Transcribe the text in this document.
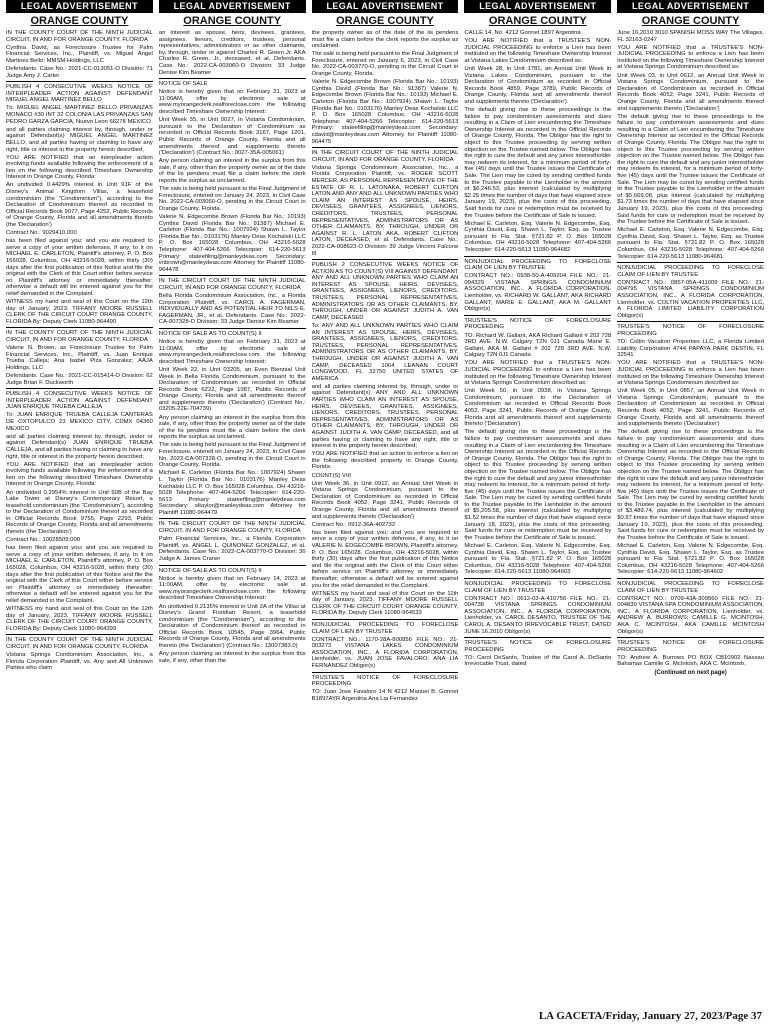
LEGAL ADVERTISEMENT
ORANGE COUNTY

IN THE COUNTY COURT OF THE NINTH JUDICIAL CIRCUIT, IN AND FOR ORANGE COUNTY, FLORIDA

Cynthia David, as Foreclosure Trustee for Palm Financial Services, Inc., Plaintiff, vs. Miguel Angel Martinez Bello; MMSM Holdings, LLC

Defendants. Case No.: 2021-CC-013051-O Division: 71 Judge Amy J. Carter

PUBLISH 4 CONSECUTIVE WEEKS NOTICE OF INTERPLEADER ACTION AGAINST DEFENDANT MIGUEL ANGEL MARTINEZ BELLO

To: MIGUEL ANGEL MARTINEZ BELLO PRIVANZAS MONACO #30 INT 32 COLONIA LAS PRIVANZAS SAN PEDRO GARZA GARCIA, Nuevo Leon 66278 MEXICO

and all parties claiming interest by, through, under or against Defendant(s) MIGUEL ANGEL MARTINEZ BELLO, and all parties having or claiming to have any right, title or interest in the property herein described;

YOU ARE NOTIFIED that an interpleader action involving funds available following the enforcement of a lien on the following described Timeshare Ownership Interest in Orange County, Florida:

An undivided 0.4429% interest in Unit 91F of the Disney's Animal Kingdom Villas, a leasehold condominium (the "Condominium"), according to the Declaration of Condominium thereof as recorded in Official Records Book 9077, Page 4252, Public Records of Orange County, Florida and all amendments thereto (the 'Declaration')

Contract No.: 9029410.000

has been filed against you; and you are required to serve a copy of your written defenses, if any, to it on MICHAEL E. CARLETON, Plaintiff's attorney, P. O. Box 165028, Columbus, OH 43216-5028, within thirty (30) days after the first publication of this Notice and file the original with the Clerk of this Court either before service on Plaintiff's attorney or immediately thereafter; otherwise a default will be entered against you for the relief demanded in the Complaint.

WITNESS my hand and seal of this Court on the 12th day of January, 2023. TIFFANY MOORE RUSSELL CLERK OF THE CIRCUIT COURT ORANGE COUNTY, FLORIDA By: Deputy Clerk 11080-964490

IN THE COUNTY COURT OF THE NINTH JUDICIAL CIRCUIT, IN AND FOR ORANGE COUNTY, FLORIDA

Valerie N. Brown, as Foreclosure Trustee for Palm Financial Services, Inc., Plaintiff, vs. Juan Enrique Trueba Calleja; Ana Isabel Plza Gonzalez; AAJA Holdings, LLC

Defendants. Case No.: 2021-CC-015414-O Division: 62 Judge Brian F. Duckworth

PUBLISH 4 CONSECUTIVE WEEKS NOTICE OF INTERPLEADER ACTION AGAINST DEFENDANT JUAN ENRIQUE TRUEBA CALLEJA

To: JUAN ENRIQUE TRUEBA CALLEJA CANTERAS DE OXTOPULCO 23 MEXICO CITY, CDMX 04360 MEXICO

and all parties claiming interest by, through, under or against Defendant(s) JUAN ENRIQUE TRUEBA CALLEJA, and all parties having or claiming to have any right, title or interest in the property herein described;

YOU ARE NOTIFIED that an interpleader action involving funds available following the enforcement of a lien on the following described Timeshare Ownership Interest in Orange County, Florida:

An undivided 0.2954% interest in Unit 60B of the Bay Lake Tower at Disney's Contemporary Resort, a leasehold condominium (the "Condominium"), according to the Declaration of Condominium thereof as recorded in Official Records Book 9755, Page 2293, Public Records of Orange County, Florida and all amendments thereto (the 'Declaration')

Contract No.: 10028509.000

has been filed against you; and you are required to serve a copy of your written defenses, if any, to it on MICHAEL E. CARLETON, Plaintiff's attorney, P. O. Box 165028, Columbus, OH 43216-5028, within thirty (30) days after the first publication of this Notice and file the original with the Clerk of this Court either before service on Plaintiff's attorney or immediately thereafter; otherwise a default will be entered against you for the relief demanded in the Complaint.

WITNESS my hand and seal of this Court on the 12th day of January, 2023. TIFFANY MOORE RUSSELL CLERK OF THE CIRCUIT COURT ORANGE COUNTY, FLORIDA By: Deputy Clerk 11080-964399

IN THE COUNTY COURT OF THE NINTH JUDICIAL CIRCUIT, IN AND FOR ORANGE COUNTY, FLORIDA

Vistana Springs Condominium Association, Inc., a Florida Corporation Plaintiff, vs. Any and All Unknown Parties who claim

LEGAL ADVERTISEMENT
ORANGE COUNTY

an interest as spouse, heirs, devisees, grantees, assignees, lienors, creditors, trustees, personal representatives, administrators or as other claimants, by, through, under or against Charles R. Green Jr. AKA Charles R. Green, Jr., deceased, et al. Defendants. Case No.: 2022-CA-003060-O Division: 33 Judge Denise Kim Beamer

NOTICE OF SALE

Notice is hereby given that on February 21, 2023 at 11:00AM, offer by electronic sale at www.myorangeclerk.realforeclose.com the following described Timeshare Ownership Interest:

Unit Week 35, in Unit 0027, in Vistana Condominium, pursuant to the Declaration of Condominium as recorded in Official Records Book 3167, Page 1201, Public Records of Orange County, Florida and all amendments thereof and supplements thereto ('Declaration') (Contract No.: 0027-35A-005061)

Any person claiming an interest in the surplus from this sale, if any, other than the property owner as of the date of the lis pendens must file a claim before the clerk reports the surplus as unclaimed.

The sale is being held pursuant to the Final Judgment of Foreclosure, entered on January 24, 2023, in Civil Case No. 2022-CA-003060-O, pending in the Circuit Court in Orange County, Florida.

Valerie N. Edgecombe Brown (Florida Bar No.: 10193) Cynthia David (Florida Bar No.: 91387) Michael E. Carleton (Florida Bar No.: 1007924) Shawn L. Taylor (Florida Bar No.: 0103176) Manley Deas Kochalski LLC P. O. Box 165028 Columbus, OH 43216-5028 Telephone: 407-404-5266 Telecopier: 614-220-5613 Primary: stateefiling@manleydeas.com Secondary: vnbrown@manleydeas.com Attorney for Plaintiff 11080-964478

IN THE CIRCUIT COURT OF THE NINTH JUDICIAL CIRCUIT, IN AND FOR ORANGE COUNTY, FLORIDA

Bella Florida Condominium Association, Inc., a Florida Corporation Plaintiff, vs. CAROL A. FAGERMAN, INDIVIDUALLY AND AS POTENTIAL HEIR TO NILS E. FAGERMAN, JR., et al. Defendants. Case No.: 2022-CA-007328-O Division: 33 Judge Denise Kim Beamer

NOTICE OF SALE AS TO COUNT(S) II

Notice is hereby given that on February 21, 2023 at 11:00AM, offer by electronic sale at www.myorangeclerk.realforeclose.com the following described Timeshare Ownership Interest:

Unit Week 22, in Unit 03205, an Even Biennial Unit Week in Bella Florida Condominium, pursuant to the Declaration of Condominium as recorded in Official Records Book 6222, Page 1987, Public Records of Orange County, Florida and all amendments thereof and supplements thereto ('Declaration') (Contract No.: 03205-22E-704739)

Any person claiming an interest in the surplus from this sale, if any, other than the property owner as of the date of the lis pendens must file a claim before the clerk reports the surplus as unclaimed.

The sale is being held pursuant to the Final Judgment of Foreclosure, entered on January 24, 2023, in Civil Case No. 2022-CA-007328-O, pending in the Circuit Court in Orange County, Florida.

Michael E. Carleton (Florida Bar No.: 1007924) Shawn L. Taylor (Florida Bar No.: 0103176) Manley Deas Kochalski LLC P. O. Box 165028 Columbus, OH 43216-5028 Telephone: 407-404-5266 Telecopier: 614-220-5613 Primary: stateefiling@manleydeas.com Secondary: sltaylor@manleydeas.com Attorney for Plaintiff 11080-964479

IN THE CIRCUIT COURT OF THE NINTH JUDICIAL CIRCUIT, IN AND FOR ORANGE COUNTY, FLORIDA

Palm Financial Services, Inc., a Florida Corporation Plaintiff, vs. ANGEL L. QUINONEZ GONZALEZ, et al. Defendants. Case No.: 2022-CA-003770-O Division: 36 Judge A. James Craner

NOTICE OF SALE AS TO COUNT(S) II

Notice is hereby given that on February 14, 2023 at 11:00AM, offer by electronic sale at www.myorangeclerk.realforeclose.com the following described Timeshare Ownership Interest:

An undivided 0.2135% interest in Unit 2A of the Villas at Disney's Grand Floridian Resort, a leasehold condominium (the "Condominium"), according to the Declaration of Condominium thereof as recorded in Official Records Book 10545, Page 3964, Public Records of Orange County, Florida and all amendments thereto (the 'Declaration') (Contract No.: 13007383.0)

Any person claiming an interest in the surplus from this sale, if any, other than the

LEGAL ADVERTISEMENT
ORANGE COUNTY

the property owner as of the date of the lis pendens must file a claim before the clerk reports the surplus as unclaimed.

The sale is being held pursuant to the Final Judgment of Foreclosure, entered on January 6, 2023, in Civil Case No. 2022-CA-003770-O, pending in the Circuit Court in Orange County, Florida.

Valerie N. Edgecombe Brown (Florida Bar No.: 10193) Cynthia David (Florida Bar No.: 91387) Valerie N. Edgecombe Brown (Florida Bar No.: 10193) Michael E. Carleton (Florida Bar No.: 1007924) Shawn L. Taylor (Florida Bar No.: 0103176) Manley Deas Kochalski LLC P. O. Box 165028 Columbus, OH 43216-5028 Telephone: 407-404-5266 Telecopier: 614-220-5613 Primary: stateefiling@manleydeas.com Secondary: cdavid@manleydeas.com Attorney for Plaintiff 11080-964475

IN THE CIRCUIT COURT OF THE NINTH JUDICIAL CIRCUIT, IN AND FOR ORANGE COUNTY, FLORIDA

Vistana Springs Condominium Association, Inc., a Florida Corporation Plaintiff, vs. ROGER SCOTT MERCER, AS PERSONAL REPRESENTATIVE OF THE ESTATE OF R. L. LATONAKA, ROBERT CLIFTON LATON AND ANY AND ALL UNKNOWN PARTIES WHO CLAIM AN INTEREST AS SPOUSE, HEIRS, DEVISEES, GRANTEES, ASSIGNEES, LIENORS, CREDITORS, TRUSTEES, PERSONAL REPRESENTATIVES, ADMINISTRATORS OR AS OTHER CLAIMANTS, BY, THROUGH, UNDER OR AGAINST R. L. LATON AKA, ROBERT CLIFTON LATON, DECEASED, et al. Defendants. Case No.: 2022-CA-008623-O Division: 39 Judge Vincent Falcone III

PUBLISH 2 CONSECUTIVE WEEKS NOTICE OF ACTION AS TO COUNT(S) VIII AGAINST DEFENDANT ANY AND ALL UNKNOWN PARTIES WHO CLAIM AN INTEREST AS SPOUSE, HEIRS, DEVISEES, GRANTEES, ASSIGNEES, LIENORS, CREDITORS, TRUSTEES, PERSONAL REPRESENTATIVES, ADMINISTRATORS OR AS OTHER CLAIMANTS, BY, THROUGH, UNDER OR AGAINST JUDITH A. VAN CAMP, DECEASED

To: ANY AND ALL UNKNOWN PARTIES WHO CLAIM AN INTEREST AS SPOUSE, HEIRS, DEVISEES, GRANTEES, ASSIGNEES, LIENORS, CREDITORS, TRUSTEES, PERSONAL REPRESENTATIVES, ADMINISTRATORS OR AS OTHER CLAIMANTS, BY, THROUGH, UNDER OR AGAINST JUDITH A. VAN CAMP, DECEASED 1064 LEANAN COURT LONGWOOD, FL 32750 UNITED STATES OF AMERICA

and all parties claiming interest by, through, under or against Defendant(s) ANY AND ALL UNKNOWN PARTIES WHO CLAIM AN INTEREST AS SPOUSE, HEIRS, DEVISEES, GRANTEES, ASSIGNEES, LIENORS, CREDITORS, TRUSTEES, PERSONAL REPRESENTATIVES, ADMINISTRATORS OR AS OTHER CLAIMANTS, BY, THROUGH, UNDER OR AGAINST JUDITH A. VAN CAMP, DECEASED, and all parties having or claiming to have any right, title or interest in the property herein described;

YOU ARE NOTIFIED that an action to enforce a lien on the following described property in Orange County, Florida:

COUNT(S) VIII

Unit Week 36, in Unit 0912, an Annual Unit Week in Vistana Springs Condominium, pursuant to the Declaration of Condominium as recorded in Official Records Book 4052, Page 3241, Public Records of Orange County, Florida and all amendments thereof and supplements thereto ('Declaration')

Contract No.: 0912-36A-402732

has been filed against you; and you are required to serve a copy of your written defenses, if any, to it on VALERIE N. EDGECOMBE BROWN, Plaintiff's attorney, P. O. Box 165028, Columbus, OH 43216-5028, within thirty (30) days after the first publication of this Notice and file the original with the Clerk of this Court either before service on Plaintiff's attorney or immediately thereafter; otherwise a default will be entered against you for the relief demanded in the Complaint.

WITNESS my hand and seal of this Court on the 11th day of January, 2023. TIFFANY MOORE RUSSELL CLERK OF THE CIRCUIT COURT ORANGE COUNTY, FLORIDA By: Deputy Clerk 11080-964533

NONJUDICIAL PROCEEDING TO FORECLOSE CLAIM OF LIEN BY TRUSTEE

CONTRACT NO.: 1170-28A-800856 FILE NO.: 21-003273 VISTANA LAKES CONDOMINIUM ASSOCIATION, INC., A FLORIDA CORPORATION, Lienholder, vs. JUAN JOSE FAVALORO; ANA LIA FERNANDEZ Obligor(s)

TRUSTEE'S NOTICE OF FORECLOSURE PROCEEDING

TO: Juan Jose Favaloro 14 N 4212 Manuel B. Gonnet B1897AYR Argentina Ana Lia Fernandez

LEGAL ADVERTISEMENT
ORANGE COUNTY

CALLE 14, No. 4212 Gonnet 1897 Argentina

YOU ARE NOTIFIED that a TRUSTEE'S NON-JUDICIAL PROCEEDING to enforce a Lien has been instituted on the following Timeshare Ownership Interest at Vistana Lakes Condominium described as:

Unit Week 28, in Unit 1781, an Annual Unit Week in Vistana Lakes Condominium, pursuant to the Declaration of Condominium as recorded in Official Records Book 4859, Page 3789, Public Records of Orange County, Florida and all amendments thereof and supplements thereto ('Declaration')

The default giving rise to these proceedings is the failure to pay condominium assessments and dues resulting in a Claim of Lien encumbering the Timeshare Ownership Interest as recorded in the Official Records of Orange County, Florida. The Obligor has the right to object to this Trustee proceeding by serving written objection on the Trustee named below. The Obligor has the right to cure the default and any junior interestholder may redeem its interest, for a minimum period of forty-five (45) days until the Trustee issues the Certificate of Sale. The Lien may be cured by sending certified funds to the Trustee payable to the Lienholder in the amount of $6,246.53, plus interest (calculated by multiplying $2.25 times the number of days that have elapsed since January 19, 2023), plus the costs of this proceeding. Said funds for cure or redemption must be received by the Trustee before the Certificate of Sale is issued.

Michael E. Carleton, Esq. Valerie N. Edgecombe, Esq. Cynthia David, Esq. Shawn L. Taylor, Esq. as Trustee pursuant to Fla. Stat. §721.82 P. O. Box 165028 Columbus, OH 43216-5028 Telephone: 407-404-5266 Telecopier: 614-220-5613 11080-964682

NONJUDICIAL PROCEEDING TO FORECLOSE CLAIM OF LIEN BY TRUSTEE

CONTRACT NO.: 0938-50-A-409204 FILE NO.: 21-004329 VISTANA SPRINGS CONDOMINIUM ASSOCIATION, INC., A FLORIDA CORPORATION, Lienholder, vs. RICHARD W. GALLANT, AKA RICHARD GALLANT; MARIE E. GALLANT, AKA M. GALLANT Obligor(s)

TRUSTEE'S NOTICE OF FORECLOSURE PROCEEDING

TO: Richard W. Gallant, AKA Richard Gallant # 202 728 3RD AVE. N.W. Calgary T2N 0J1 Canada Marie E. Gallant, AKA M. Gallant # 202 728 3RD AVE. N.W. Calgary T2N 0J1 Canada

YOU ARE NOTIFIED that a TRUSTEE'S NON-JUDICIAL PROCEEDING to enforce a Lien has been instituted on the following Timeshare Ownership Interest at Vistana Springs Condominium described as:

Unit Week 50, in Unit 0938, in Vistana Springs Condominium, pursuant to the Declaration of Condominium as recorded in Official Records Book 4052, Page 3241, Public Records of Orange County, Florida and all amendments thereof and supplements thereto ('Declaration')

The default giving rise to these proceedings is the failure to pay condominium assessments and dues resulting in a Claim of Lien encumbering the Timeshare Ownership Interest as recorded in the Official Records of Orange County, Florida. The Obligor has the right to object to this Trustee proceeding by serving written objection on the Trustee named below. The Obligor has the right to cure the default and any junior interestholder may redeem its interest, for a minimum period of forty-five (45) days until the Trustee issues the Certificate of Sale. The Lien may be cured by sending certified funds to the Trustee payable to the Lienholder in the amount of $5,205.58, plus interest (calculated by multiplying $1.52 times the number of days that have elapsed since January 18, 2023), plus the costs of this proceeding. Said funds for cure or redemption must be received by the Trustee before the Certificate of Sale is issued.

Michael E. Carleton, Esq. Valerie N. Edgecombe, Esq. Cynthia David, Esq. Shawn L. Taylor, Esq. as Trustee pursuant to Fla. Stat. §721.82 P. O. Box 165028 Columbus, OH 43216-5028 Telephone: 407-404-5266 Telecopier: 614-220-5613 11080-964603

NONJUDICIAL PROCEEDING TO FORECLOSE CLAIM OF LIEN BY TRUSTEE

CONTRACT NO.: 0612-03-A-410756 FILE NO.: 21-004738 VISTANA SPRINGS CONDOMINIUM ASSOCIATION, INC., A FLORIDA CORPORATION, Lienholder, vs. CAROL DESANTO, TRUSTEE OF THE CAROL A. DESANTO IRREVOCABLE TRUST, DATED JUNE 16,2010 Obligor(s)

TRUSTEE'S NOTICE OF FORECLOSURE PROCEEDING

TO: Carol DeSanto, Trustee of the Carol A. DeSanto Irrevocable Trust, dated

LEGAL ADVERTISEMENT
ORANGE COUNTY

June 16,2010 3010 SPANISH MOSS WAY The Villages, FL 32163-0247

YOU ARE NOTIFIED that a TRUSTEE'S NON-JUDICIAL PROCEEDING to enforce a Lien has been instituted on the following Timeshare Ownership Interest at Vistana Springs Condominium described as:

Unit Week 03, in Unit 0612, an Annual Unit Week in Vistana Springs Condominium, pursuant to the Declaration of Condominium as recorded in Official Records Book 4052, Page 3241, Public Records of Orange County, Florida and all amendments thereof and supplements thereto ('Declaration')

The default giving rise to these proceedings is the failure to pay condominium assessments and dues resulting in a Claim of Lien encumbering the Timeshare Ownership Interest as recorded in the Official Records of Orange County, Florida. The Obligor has the right to object to this Trustee proceeding by serving written objection on the Trustee named below. The Obligor has the right to cure the default and any junior interestholder may redeem its interest, for a minimum period of forty-five (45) days until the Trustee issues the Certificate of Sale. The Lien may be cured by sending certified funds to the Trustee payable to the Lienholder in the amount of $5,669.08, plus interest (calculated by multiplying $1.73 times the number of days that have elapsed since January 19, 2023), plus the costs of this proceeding. Said funds for cure or redemption must be received by the Trustee before the Certificate of Sale is issued.

Michael E. Carleton, Esq. Valerie N. Edgecombe, Esq. Cynthia David, Esq. Shawn L. Taylor, Esq. as Trustee pursuant to Fla. Stat. §721.82 P. O. Box 165028 Columbus, OH 43216-5028 Telephone: 407-404-5266 Telecopier: 614-220-5613 11080-964681

NONJUDICIAL PROCEEDING TO FORECLOSE CLAIM OF LIEN BY TRUSTEE

CONTRACT NO.: 0857-05A-411009 FILE NO.: 21-004795 VISTANA SPRINGS CONDOMINIUM ASSOCIATION, INC., A FLORIDA CORPORATION, Lienholder, vs. COLTIN VACATION PROPERTIES LLC, A FLORIDA LIMITED LIABILITY CORPORATION Obligor(s)

TRUSTEE'S NOTICE OF FORECLOSURE PROCEEDING

TO: Coltin Vacation Properties LLC, a Florida Limited Liability Corporation 4744 PAPAYA PARK DESTIN, FL 32541

YOU ARE NOTIFIED that a TRUSTEE'S NON-JUDICIAL PROCEEDING to enforce a Lien has been instituted on the following Timeshare Ownership Interest at Vistana Springs Condominium described as:

Unit Week 05, in Unit 0857, an Annual Unit Week in Vistana Springs Condominium, pursuant to the Declaration of Condominium as recorded in Official Records Book 4052, Page 3241, Public Records of Orange County, Florida and all amendments thereof and supplements thereto ('Declaration')

The default giving rise to these proceedings is the failure to pay condominium assessments and dues resulting in a Claim of Lien encumbering the Timeshare Ownership Interest as recorded in the Official Records of Orange County, Florida. The Obligor has the right to object to this Trustee proceeding by serving written objection on the Trustee named below. The Obligor has the right to cure the default and any junior interestholder may redeem its interest, for a minimum period of forty-five (45) days until the Trustee issues the Certificate of Sale. The Lien may be cured by sending certified funds to the Trustee payable to the Lienholder in the amount of $3,489.74, plus interest (calculated by multiplying $0.97 times the number of days that have elapsed since January 19, 2023), plus the costs of this proceeding. Said funds for cure or redemption must be received by the Trustee before the Certificate of Sale is issued.

Michael E. Carleton, Esq. Valerie N. Edgecombe, Esq. Cynthia David, Esq. Shawn L. Taylor, Esq. as Trustee pursuant to Fla. Stat. §721.82 P. O. Box 165028 Columbus, OH 43216-5028 Telephone: 407-404-5266 Telecopier: 614-220-5613 11080-964602

NONJUDICIAL PROCEEDING TO FORECLOSE CLAIM OF LIEN BY TRUSTEE

CONTRACT NO.: 0709-43A-309560 FILE NO.: 21-004839 VISTANA SPA CONDOMINIUM ASSOCIATION, INC., A FLORIDA CORPORATION, Lienholder, vs. ANDREW A. BURROWS; CAMILLE G. MCINTOSH, AKA C. MCINTOSH, AKA CAMILLE MCINTOSH Obligor(s)

TRUSTEE'S NOTICE OF FORECLOSURE PROCEEDING

TO: Andrew A. Burrows PO BOX CB10902 Nassau Bahamas Camille G. McIntosh, AKA C. McIntosh,

(Continued on next page)
LA GACETA/Friday, January 27, 2023/Page 37
